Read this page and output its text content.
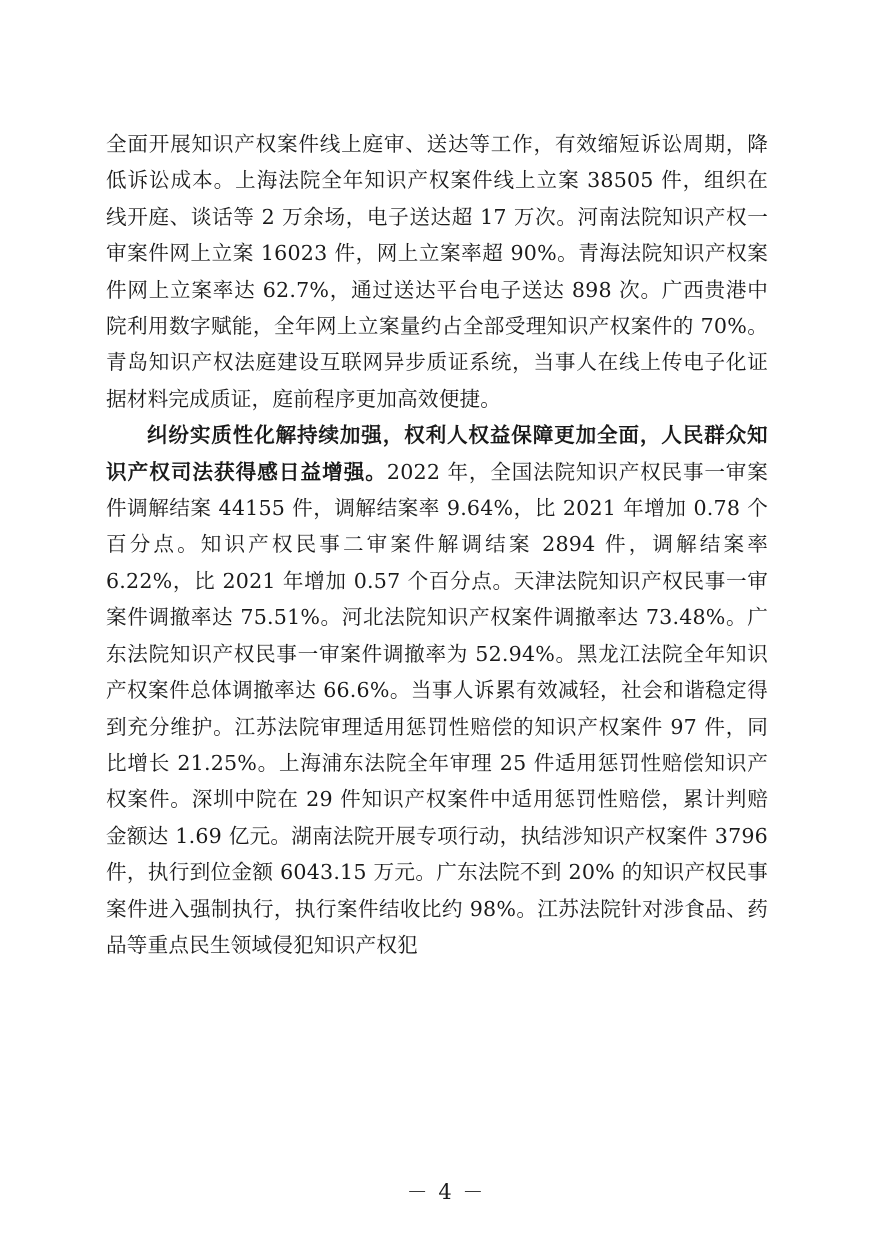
全面开展知识产权案件线上庭审、送达等工作，有效缩短诉讼周期，降低诉讼成本。上海法院全年知识产权案件线上立案 38505 件，组织在线开庭、谈话等 2 万余场，电子送达超 17 万次。河南法院知识产权一审案件网上立案 16023 件，网上立案率超 90%。青海法院知识产权案件网上立案率达 62.7%，通过送达平台电子送达 898 次。广西贵港中院利用数字赋能，全年网上立案量约占全部受理知识产权案件的 70%。青岛知识产权法庭建设互联网异步质证系统，当事人在线上传电子化证据材料完成质证，庭前程序更加高效便捷。

纠纷实质性化解持续加强，权利人权益保障更加全面，人民群众知识产权司法获得感日益增强。2022 年，全国法院知识产权民事一审案件调解结案 44155 件，调解结案率 9.64%，比 2021 年增加 0.78 个百分点。知识产权民事二审案件解调结案 2894 件，调解结案率 6.22%，比 2021 年增加 0.57 个百分点。天津法院知识产权民事一审案件调撤率达 75.51%。河北法院知识产权案件调撤率达 73.48%。广东法院知识产权民事一审案件调撤率为 52.94%。黑龙江法院全年知识产权案件总体调撤率达 66.6%。当事人诉累有效减轻，社会和谐稳定得到充分维护。江苏法院审理适用惩罚性赔偿的知识产权案件 97 件，同比增长 21.25%。上海浦东法院全年审理 25 件适用惩罚性赔偿知识产权案件。深圳中院在 29 件知识产权案件中适用惩罚性赔偿，累计判赔金额达 1.69 亿元。湖南法院开展专项行动，执结涉知识产权案件 3796 件，执行到位金额 6043.15 万元。广东法院不到 20% 的知识产权民事案件进入强制执行，执行案件结收比约 98%。江苏法院针对涉食品、药品等重点民生领域侵犯知识产权犯

－ 4 －
